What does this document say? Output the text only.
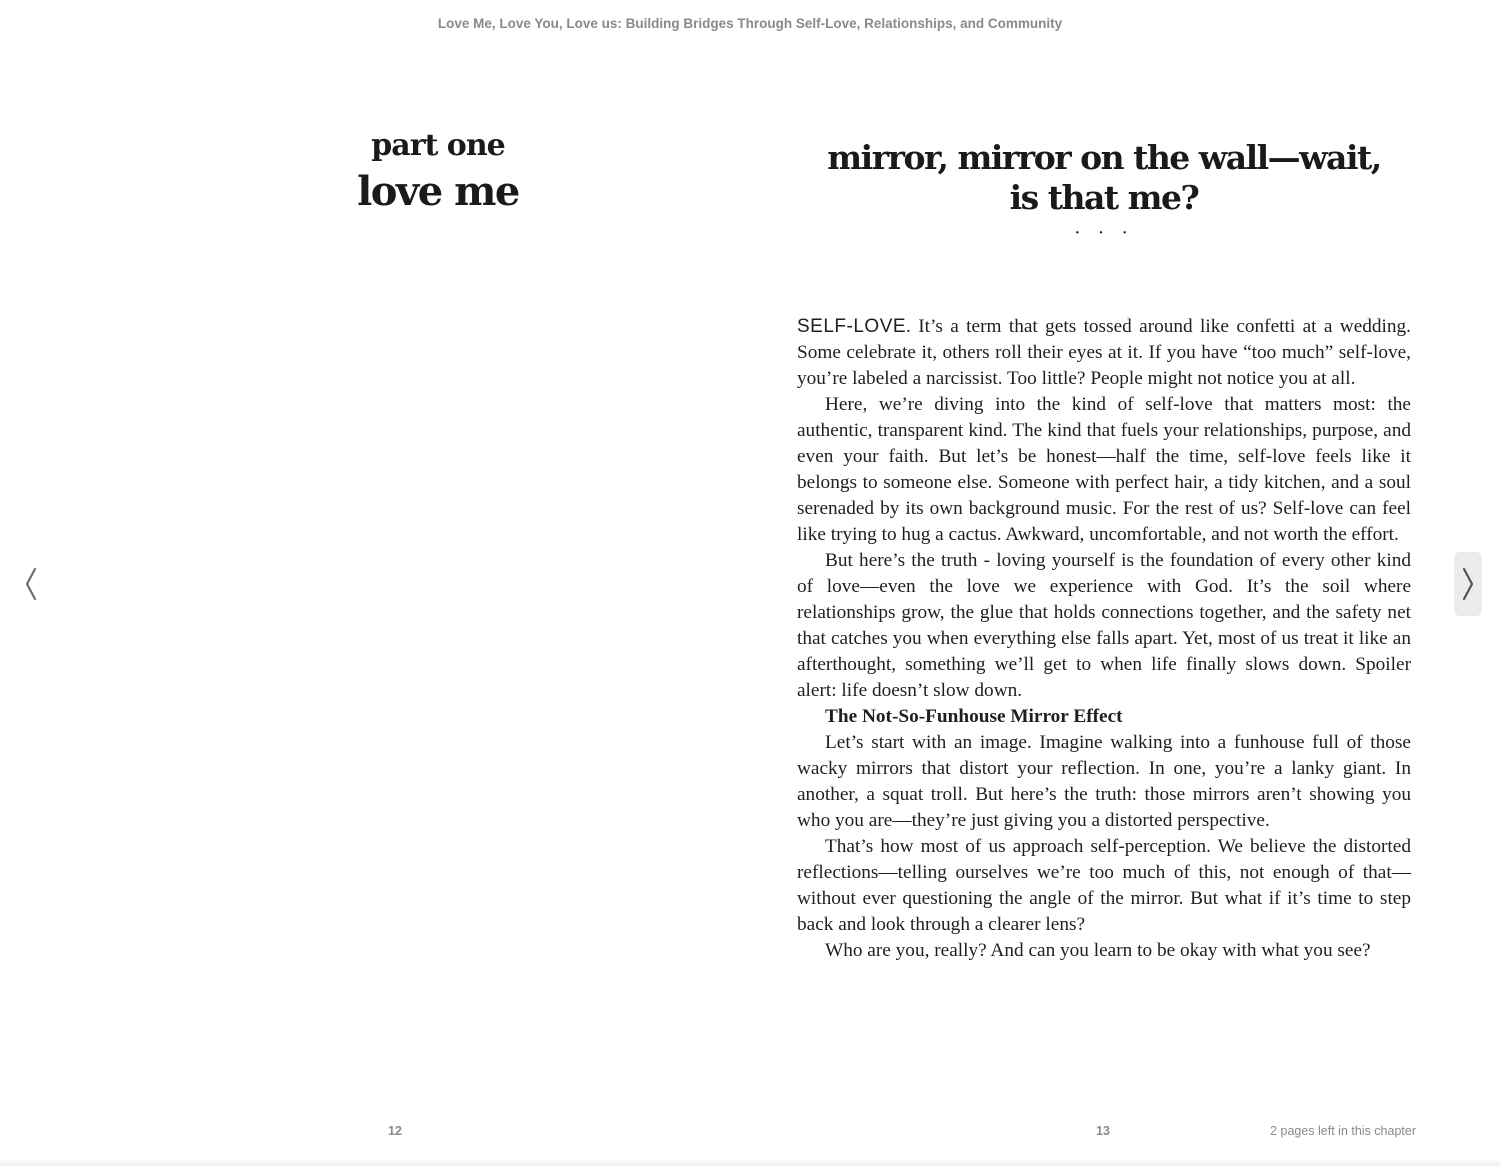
Love Me, Love You, Love us: Building Bridges Through Self-Love, Relationships, and Community
part one
love me
mirror, mirror on the wall—wait,
is that me?
· · ·

SELF-LOVE. It’s a term that gets tossed around like confetti at a wedding. Some celebrate it, others roll their eyes at it. If you have “too much” self-love, you’re labeled a narcissist. Too little? People might not notice you at all.

Here, we’re diving into the kind of self-love that matters most: the authentic, transparent kind. The kind that fuels your relationships, purpose, and even your faith. But let’s be honest—half the time, self-love feels like it belongs to someone else. Someone with perfect hair, a tidy kitchen, and a soul serenaded by its own background music. For the rest of us? Self-love can feel like trying to hug a cactus. Awkward, uncomfortable, and not worth the effort.

But here’s the truth - loving yourself is the foundation of every other kind of love—even the love we experience with God. It’s the soil where relationships grow, the glue that holds connections together, and the safety net that catches you when everything else falls apart. Yet, most of us treat it like an afterthought, something we’ll get to when life finally slows down. Spoiler alert: life doesn’t slow down.

The Not-So-Funhouse Mirror Effect

Let’s start with an image. Imagine walking into a funhouse full of those wacky mirrors that distort your reflection. In one, you’re a lanky giant. In another, a squat troll. But here’s the truth: those mirrors aren’t showing you who you are—they’re just giving you a distorted perspective.

That’s how most of us approach self-perception. We believe the distorted reflections—telling ourselves we’re too much of this, not enough of that—without ever questioning the angle of the mirror. But what if it’s time to step back and look through a clearer lens?

Who are you, really? And can you learn to be okay with what you see?

12	13	2 pages left in this chapter
